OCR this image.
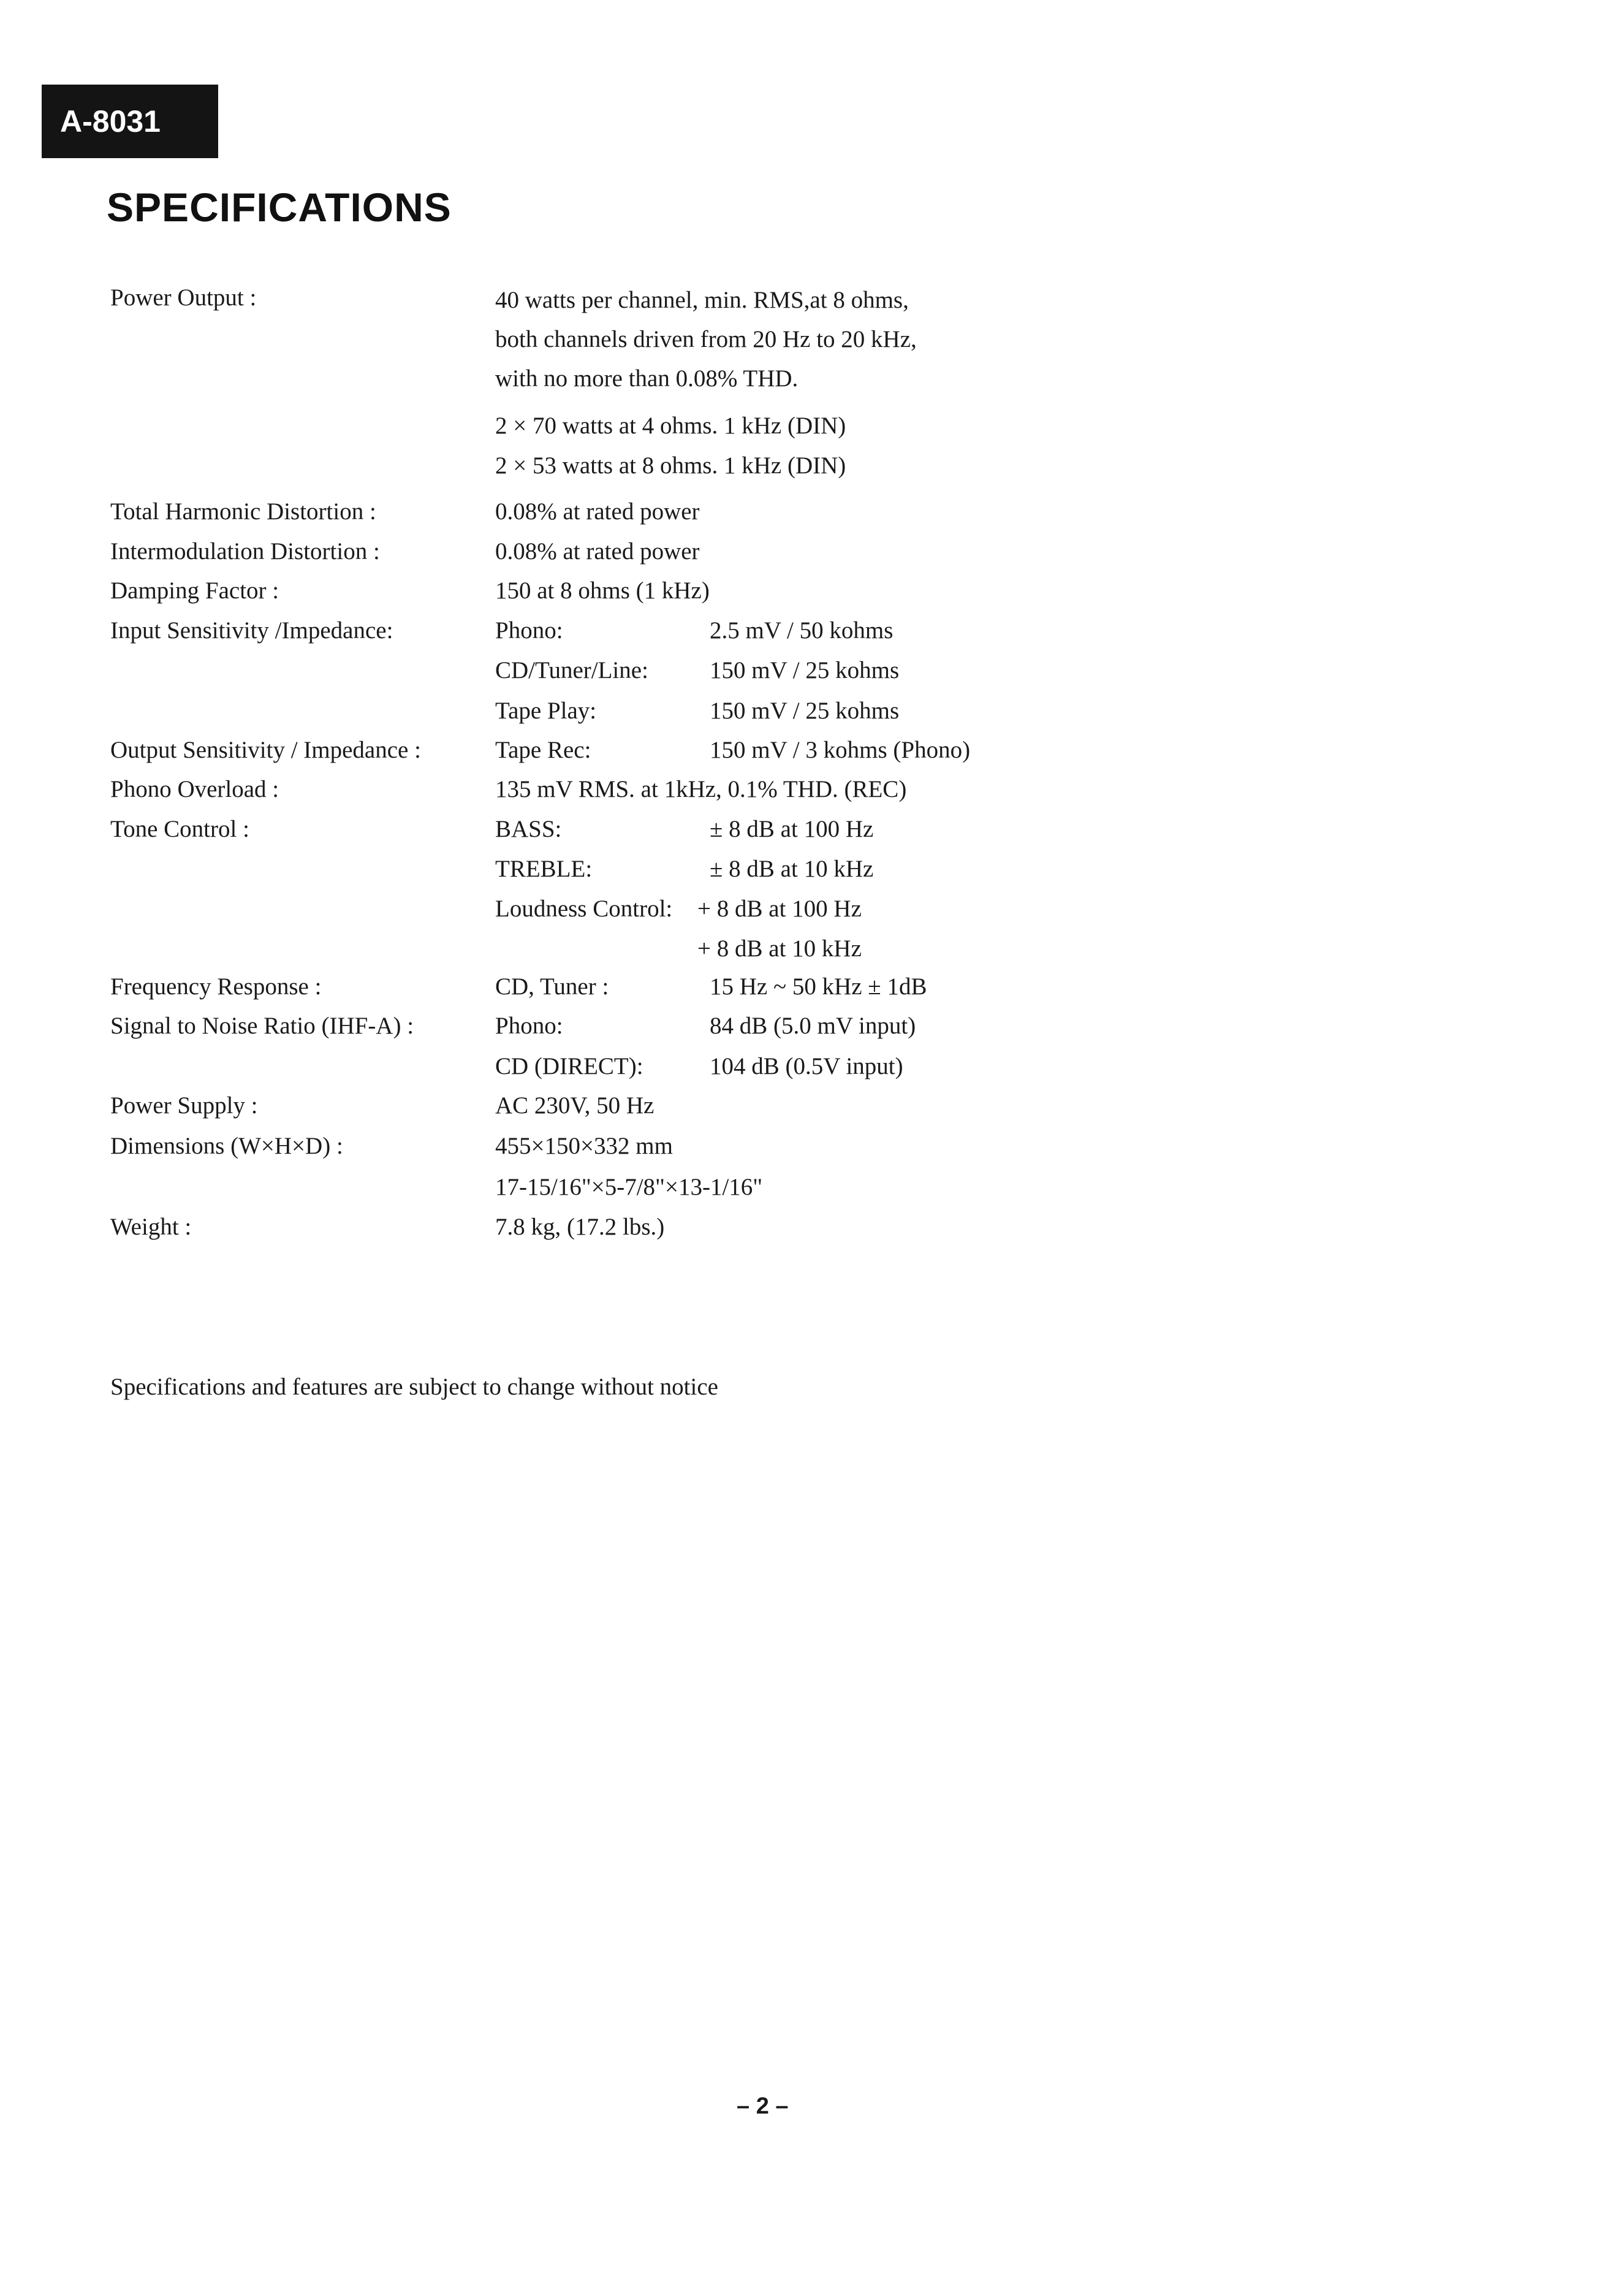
A-8031
SPECIFICATIONS
Power Output :	40 watts per channel, min. RMS,at 8 ohms,
both channels driven from 20 Hz to 20 kHz,
with no more than 0.08% THD.
2 × 70 watts at 4 ohms. 1 kHz (DIN)
2 × 53 watts at 8 ohms. 1 kHz (DIN)
Total Harmonic Distortion :	0.08% at rated power
Intermodulation Distortion :	0.08% at rated power
Damping Factor :	150 at 8 ohms (1 kHz)
Input Sensitivity /Impedance:	Phono:	2.5 mV / 50 kohms
CD/Tuner/Line:	150 mV / 25 kohms
Tape Play:	150 mV / 25 kohms
Output Sensitivity / Impedance :	Tape Rec:	150 mV / 3 kohms (Phono)
Phono Overload :	135 mV RMS. at 1kHz, 0.1% THD. (REC)
Tone Control :	BASS:	± 8 dB at 100 Hz
TREBLE:	± 8 dB at 10 kHz
Loudness Control: + 8 dB at 100 Hz
+ 8 dB at 10 kHz
Frequency Response :	CD, Tuner :	15 Hz ~ 50 kHz ± 1dB
Signal to Noise Ratio (IHF-A) :	Phono:	84 dB (5.0 mV input)
CD (DIRECT):	104 dB (0.5V input)
Power Supply :	AC 230V, 50 Hz
Dimensions (W×H×D) :	455×150×332 mm
17-15/16"×5-7/8"×13-1/16"
Weight :	7.8 kg, (17.2 lbs.)
Specifications and features are subject to change without notice
– 2 –
